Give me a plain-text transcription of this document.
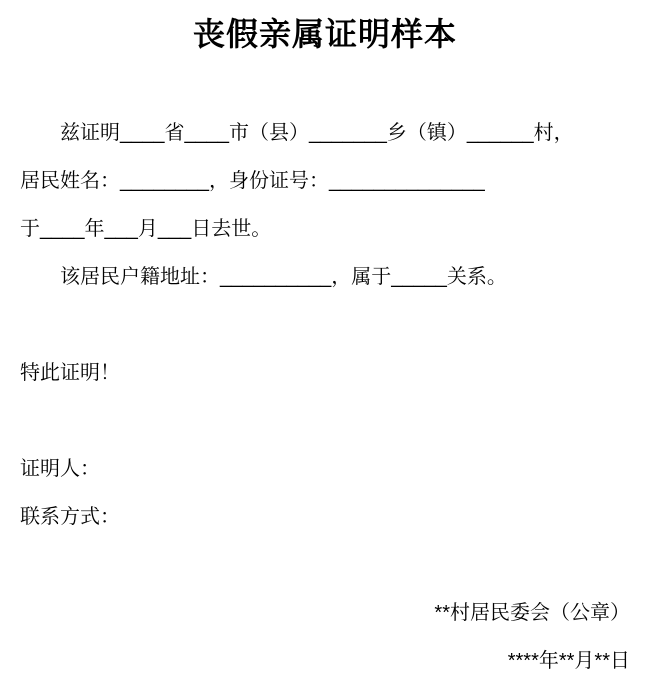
丧假亲属证明样本

兹证明____省____市（县）_______乡（镇）______村，

居民姓名：________，身份证号：______________

于____年___月___日去世。

该居民户籍地址：__________，属于_____关系。

特此证明！

证明人：

联系方式：

**村居民委会（公章）

****年**月**日
